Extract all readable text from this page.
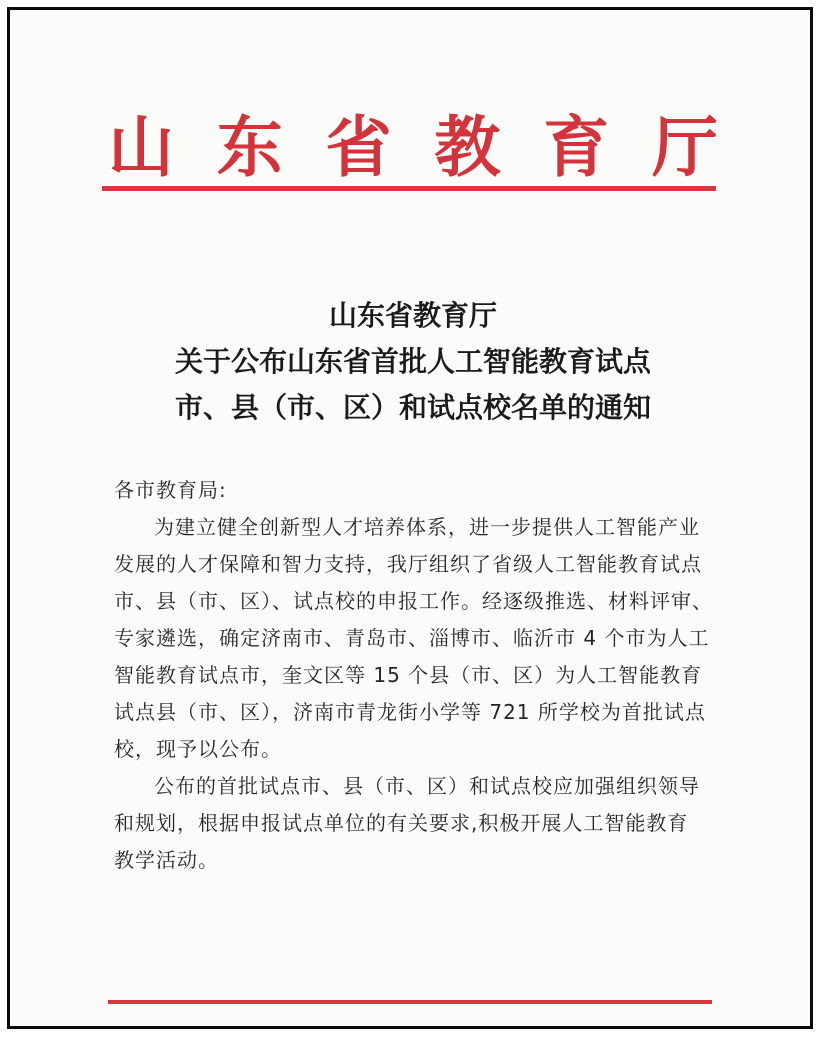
山 东 省 教 育 厅
山东省教育厅
关于公布山东省首批人工智能教育试点
市、县（市、区）和试点校名单的通知

各市教育局:

为建立健全创新型人才培养体系，进一步提供人工智能产业

发展的人才保障和智力支持，我厅组织了省级人工智能教育试点

市、县（市、区）、试点校的申报工作。经逐级推选、材料评审、

专家遴选，确定济南市、青岛市、淄博市、临沂市 4 个市为人工

智能教育试点市，奎文区等 15 个县（市、区）为人工智能教育

试点县（市、区），济南市青龙街小学等 721 所学校为首批试点

校，现予以公布。

公布的首批试点市、县（市、区）和试点校应加强组织领导

和规划，根据申报试点单位的有关要求,积极开展人工智能教育

教学活动。
